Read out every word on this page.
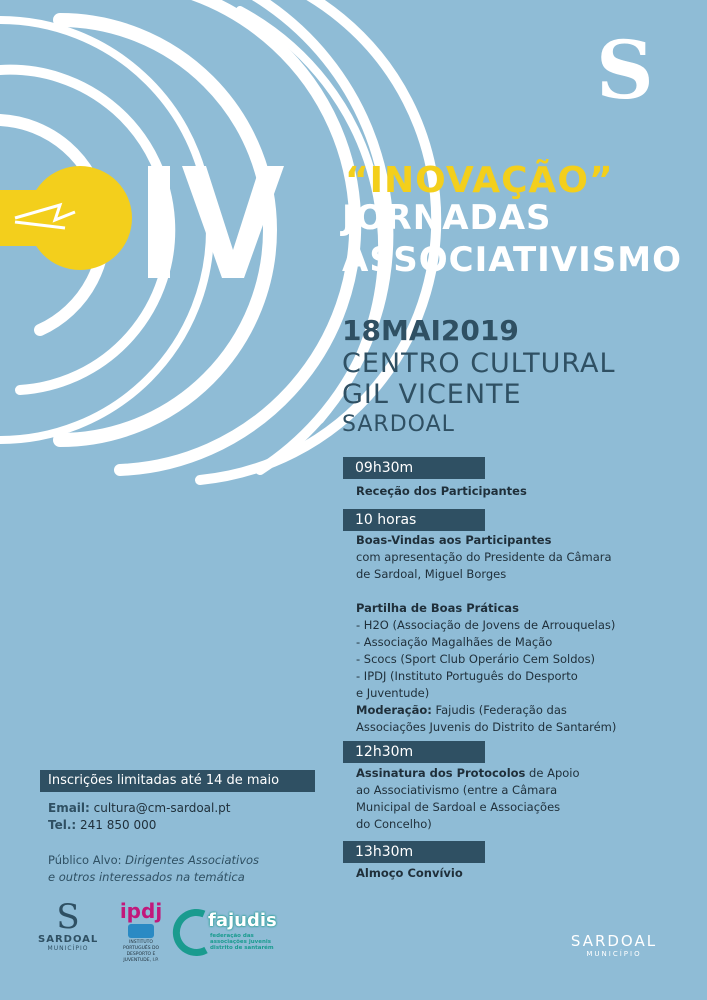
S
“INOVAÇÃO”
JORNADAS
ASSOCIATIVISMO
18MAI2019
CENTRO CULTURAL
GIL VICENTE
SARDOAL
09h30m
Receção dos Participantes
10 horas
Boas-Vindas aos Participantes
com apresentação do Presidente da Câmara
de Sardoal, Miguel Borges
Partilha de Boas Práticas
- H2O (Associação de Jovens de Arrouquelas)
- Associação Magalhães de Mação
- Scocs (Sport Club Operário Cem Soldos)
- IPDJ (Instituto Português do Desporto
e Juventude)
Moderação: Fajudis (Federação das
Associações Juvenis do Distrito de Santarém)
12h30m
Assinatura dos Protocolos de Apoio
ao Associativismo (entre a Câmara
Municipal de Sardoal e Associações
do Concelho)
13h30m
Almoço Convívio
Inscrições limitadas até 14 de maio
Email: cultura@cm-sardoal.pt
Tel.: 241 850 000
Público Alvo: Dirigentes Associativos
e outros interessados na temática
S
SARDOAL
MUNICÍPIO
ipdj
INSTITUTO PORTUGUÊS DO DESPORTO E JUVENTUDE, I.P.
fajudis
federação das associações juvenis distrito de santarém	SARDOAL
MUNICÍPIO
